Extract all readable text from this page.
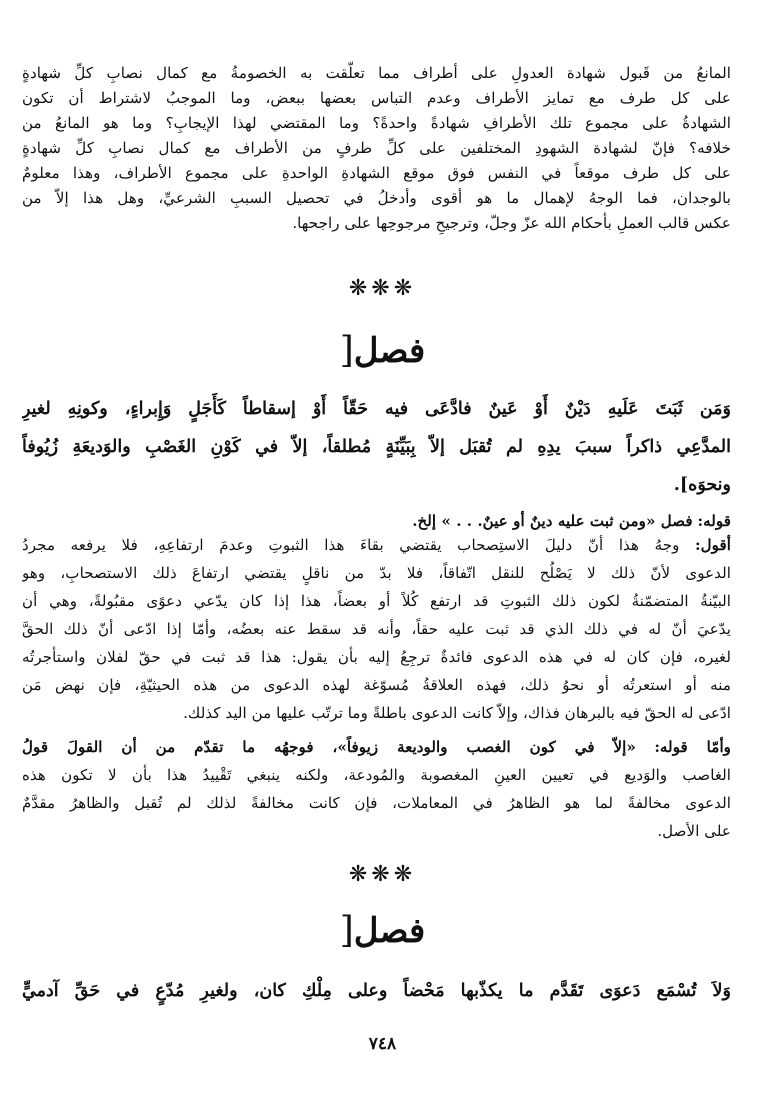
المانعُ من قَبول شهادة العدولِ على أطراف مما تعلّقت به الخصومةُ مع كمال نصابِ كلِّ شهادةٍ
على كل طرف مع تمايز الأطراف وعدم التباس بعضها ببعض، وما الموجبُ لاشتراط أن تكون
الشهادةُ على مجموع تلك الأطرافِ شهادةً واحدةً؟ وما المقتضي لهذا الإيجابِ؟ وما هو المانعُ من
خلافه؟ فإنّ لشهادة الشهودِ المختلفين على كلِّ طرفٍ من الأطراف مع كمال نصابِ كلِّ شهادةٍ
على كل طرف موقعاً في النفس فوق موقع الشهادةِ الواحدةِ على مجموع الأطراف، وهذا معلومٌ
بالوجدان، فما الوجهُ لإهمال ما هو أقوى وأدخلُ في تحصيل السببِ الشرعيِّ، وهل هذا إلاّ من
عكس قالب العملِ بأحكام الله عزّ وجلّ، وترجيحِ مرجوحِها على راجحها.
❋❋❋
فصل[
وَمَن ثَبَتَ عَلَيهِ دَيْنٌ أَوْ عَينٌ فادَّعَى فيه حَقّاً أَوْ إسقاطاً كَأَجَلٍ وَإِبراءٍ، وكونِهِ لغيرِ
المدَّعِي ذاكراً سببَ يدِهِ لم تُقبَل إلاّ بِبَيِّنَةٍ مُطلقاً، إلاّ في كَوْنِ الغَصْبِ والوَديعَةِ زُيُوفاً
ونحوَه].
قوله: فصل «ومن ثبت عليه دينٌ أو عينٌ. . . » إلخ.
أقول: وجهُ هذا أنّ دليلَ الاستِصحاب يقتضي بقاءَ هذا الثبوتِ وعدمَ ارتفاعِهِ، فلا يرفعه مجردُ
الدعوى لأنّ ذلك لا يَصْلُح للنقل اتّفاقاً، فلا بدّ من ناقلٍ يقتضي ارتفاعَ ذلك الاستصحابِ، وهو
البيّنةُ المتضمّنةُ لكون ذلك الثبوتِ قد ارتفع كُلاً أو بعضاً، هذا إذا كان يدّعي دعوًى مقبُولةً، وهي أن
يدّعيَ أنّ له في ذلك الذي قد ثبت عليه حقاً، وأنه قد سقط عنه بعضُه، وأمّا إذا ادّعى أنّ ذلك الحقَّ
لغيره، فإن كان له في هذه الدعوى فائدةٌ ترجِعُ إليه بأن يقول: هذا قد ثبت في حقّ لفلان واستأجرتُه
منه أو استعرتُه أو نحوُ ذلك، فهذه العلاقةُ مُسوّغة لهذه الدعوى من هذه الحيثيّةِ، فإن نهض مَن
ادّعى له الحقّ فيه بالبرهان فذاك، وإلاّ كانت الدعوى باطلةً وما ترتّب عليها من اليد كذلك.
وأمّا قوله: «إلاّ في كون الغصب والوديعة زيوفاً»، فوجهُه ما تقدّم من أن القولَ قولُ
الغاصب والوَديع في تعيين العينِ المغصوبة والمُودعة، ولكنه ينبغي تَقْييدُ هذا بأن لا تكون هذه
الدعوى مخالفةً لما هو الظاهرُ في المعاملات، فإن كانت مخالفةً لذلك لم تُقبل والظاهرُ مقدَّمٌ
على الأصل.
❋❋❋
فصل[
وَلاَ تُسْمَع دَعوَى تَقَدَّم ما يكذّبها مَحْضاً وعلى مِلْكِ كان، ولغيرِ مُدّعٍ في حَقِّ آدميٍّ
٧٤٨
